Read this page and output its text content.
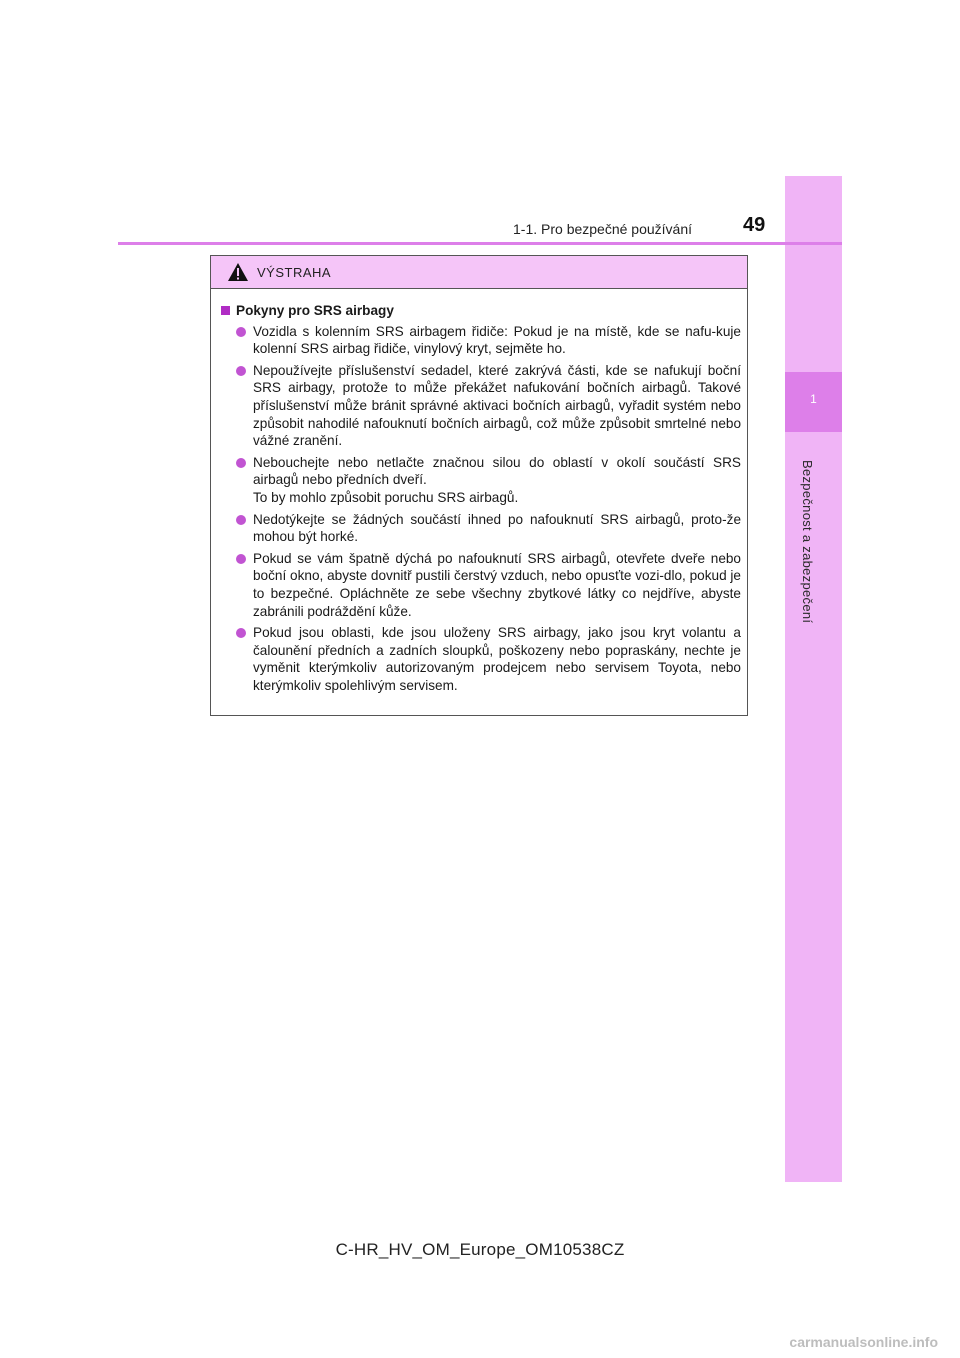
1
Bezpečnost a zabezpečení
1-1. Pro bezpečné používání	49
VÝSTRAHA
Pokyny pro SRS airbagy
Vozidla s kolenním SRS airbagem řidiče: Pokud je na místě, kde se nafu-kuje kolenní SRS airbag řidiče, vinylový kryt, sejměte ho.
Nepoužívejte příslušenství sedadel, které zakrývá části, kde se nafukují boční SRS airbagy, protože to může překážet nafukování bočních airbagů. Takové příslušenství může bránit správné aktivaci bočních airbagů, vyřadit systém nebo způsobit nahodilé nafouknutí bočních airbagů, což může způsobit smrtelné nebo vážné zranění.
Nebouchejte nebo netlačte značnou silou do oblastí v okolí součástí SRS airbagů nebo předních dveří.
To by mohlo způsobit poruchu SRS airbagů.
Nedotýkejte se žádných součástí ihned po nafouknutí SRS airbagů, proto-že mohou být horké.
Pokud se vám špatně dýchá po nafouknutí SRS airbagů, otevřete dveře nebo boční okno, abyste dovnitř pustili čerstvý vzduch, nebo opusťte vozi-dlo, pokud je to bezpečné. Opláchněte ze sebe všechny zbytkové látky co nejdříve, abyste zabránili podráždění kůže.
Pokud jsou oblasti, kde jsou uloženy SRS airbagy, jako jsou kryt volantu a čalounění předních a zadních sloupků, poškozeny nebo popraskány, nechte je vyměnit kterýmkoliv autorizovaným prodejcem nebo servisem Toyota, nebo kterýmkoliv spolehlivým servisem.
C-HR_HV_OM_Europe_OM10538CZ
carmanualsonline.info
